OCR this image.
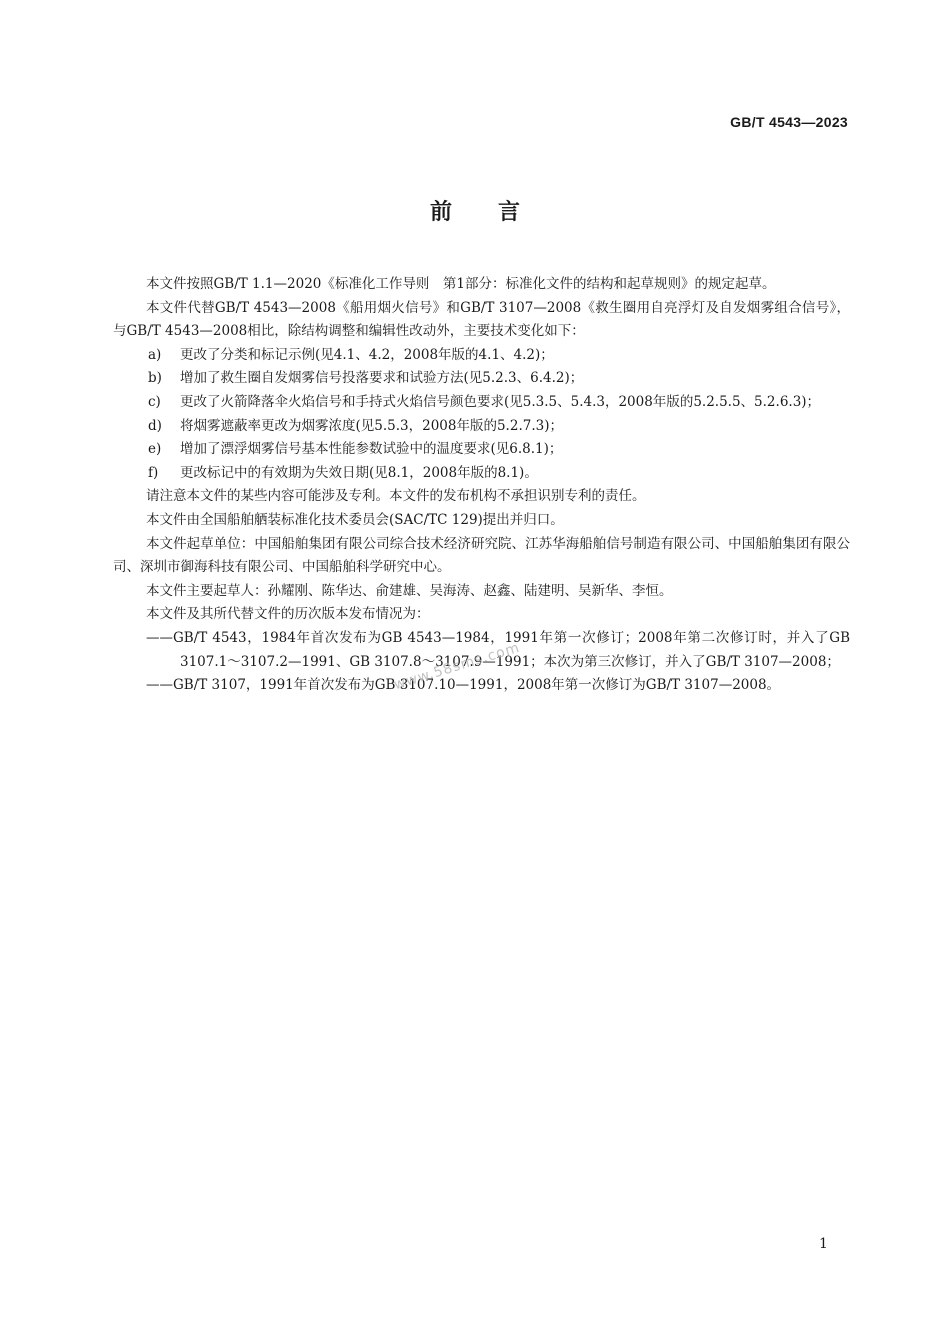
GB/T 4543—2023
前言

本文件按照GB/T 1.1—2020《标准化工作导则　第1部分：标准化文件的结构和起草规则》的规定起草。

本文件代替GB/T 4543—2008《船用烟火信号》和GB/T 3107—2008《救生圈用自亮浮灯及自发烟雾组合信号》，与GB/T 4543—2008相比，除结构调整和编辑性改动外，主要技术变化如下：

a) 更改了分类和标记示例(见4.1、4.2，2008年版的4.1、4.2)；

b) 增加了救生圈自发烟雾信号投落要求和试验方法(见5.2.3、6.4.2)；

c) 更改了火箭降落伞火焰信号和手持式火焰信号颜色要求(见5.3.5、5.4.3，2008年版的5.2.5.5、5.2.6.3)；

d) 将烟雾遮蔽率更改为烟雾浓度(见5.5.3，2008年版的5.2.7.3)；

e) 增加了漂浮烟雾信号基本性能参数试验中的温度要求(见6.8.1)；

f) 更改标记中的有效期为失效日期(见8.1，2008年版的8.1)。

请注意本文件的某些内容可能涉及专利。本文件的发布机构不承担识别专利的责任。

本文件由全国船舶舾装标准化技术委员会(SAC/TC 129)提出并归口。

本文件起草单位：中国船舶集团有限公司综合技术经济研究院、江苏华海船舶信号制造有限公司、中国船舶集团有限公司、深圳市御海科技有限公司、中国船舶科学研究中心。

本文件主要起草人：孙耀刚、陈华达、俞建雄、吴海涛、赵鑫、陆建明、吴新华、李恒。

本文件及其所代替文件的历次版本发布情况为：

——GB/T 4543，1984年首次发布为GB 4543—1984，1991年第一次修订；2008年第二次修订时，并入了GB 3107.1～3107.2—1991、GB 3107.8～3107.9—1991；本次为第三次修订，并入了GB/T 3107—2008；

——GB/T 3107，1991年首次发布为GB 3107.10—1991，2008年第一次修订为GB/T 3107—2008。

www.58sms.com
1
